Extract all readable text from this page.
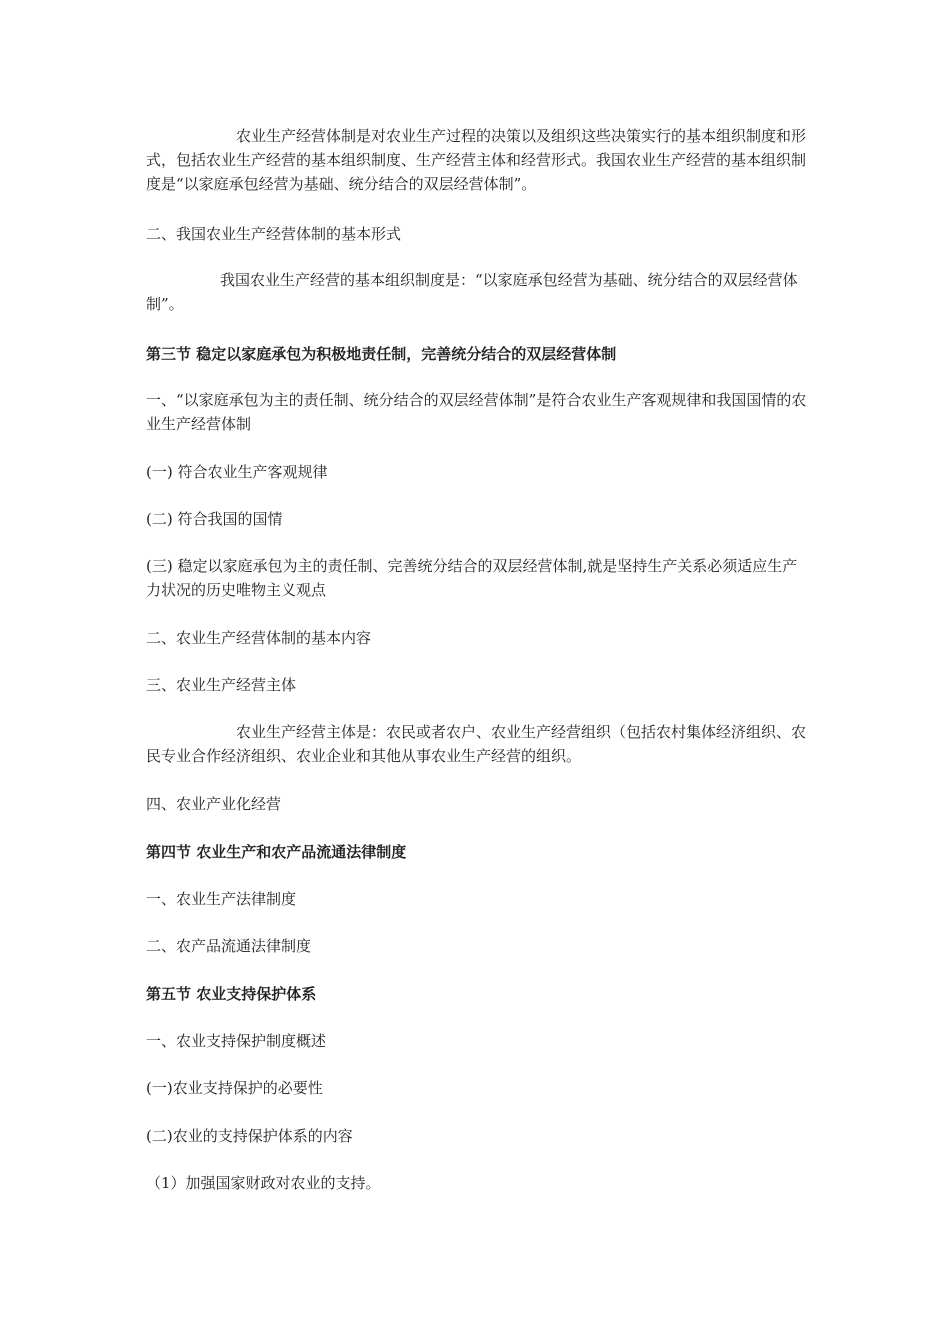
农业生产经营体制是对农业生产过程的决策以及组织这些决策实行的基本组织制度和形式，包括农业生产经营的基本组织制度、生产经营主体和经营形式。我国农业生产经营的基本组织制度是“以家庭承包经营为基础、统分结合的双层经营体制”。

二、我国农业生产经营体制的基本形式

我国农业生产经营的基本组织制度是：“以家庭承包经营为基础、统分结合的双层经营体制”。

第三节 稳定以家庭承包为积极地责任制，完善统分结合的双层经营体制

一、“以家庭承包为主的责任制、统分结合的双层经营体制”是符合农业生产客观规律和我国国情的农业生产经营体制

(一) 符合农业生产客观规律

(二) 符合我国的国情

(三) 稳定以家庭承包为主的责任制、完善统分结合的双层经营体制,就是坚持生产关系必须适应生产力状况的历史唯物主义观点

二、农业生产经营体制的基本内容

三、农业生产经营主体

农业生产经营主体是：农民或者农户、农业生产经营组织（包括农村集体经济组织、农民专业合作经济组织、农业企业和其他从事农业生产经营的组织。

四、农业产业化经营

第四节 农业生产和农产品流通法律制度

一、农业生产法律制度

二、农产品流通法律制度

第五节 农业支持保护体系

一、农业支持保护制度概述

(一)农业支持保护的必要性

(二)农业的支持保护体系的内容

（1）加强国家财政对农业的支持。
